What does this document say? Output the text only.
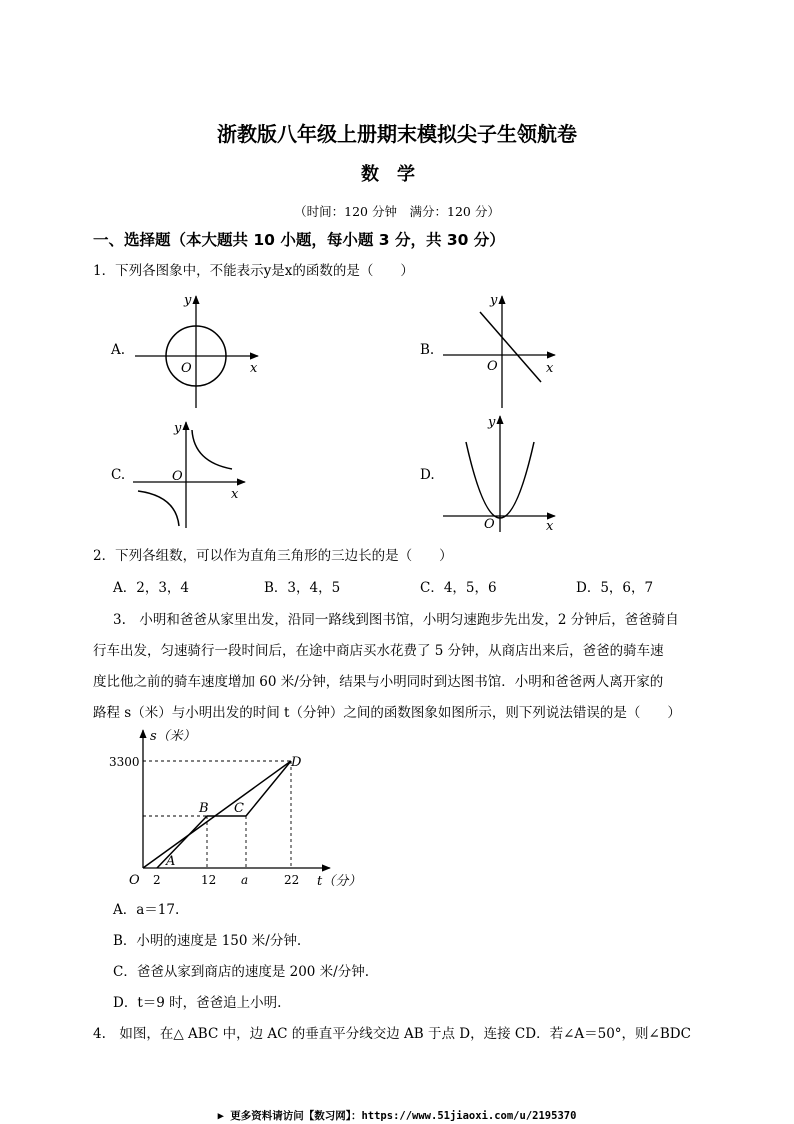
浙教版八年级上册期末模拟尖子生领航卷
数学
（时间：120 分钟　满分：120 分）
一、选择题（本大题共 10 小题，每小题 3 分，共 30 分）
1．下列各图象中，不能表示y是x的函数的是（　　）
A.
x
y
O
B.
x
y
O
C.
x
y
O	D.
x
y
O
2．下列各组数，可以作为直角三角形的三边长的是（　　）
A．2，3，4	B．3，4，5	C．4，5，6	D．5，6，7
3.　小明和爸爸从家里出发，沿同一路线到图书馆，小明匀速跑步先出发，2 分钟后，爸爸骑自
行车出发，匀速骑行一段时间后，在途中商店买水花费了 5 分钟，从商店出来后，爸爸的骑车速
度比他之前的骑车速度增加 60 米/分钟，结果与小明同时到达图书馆．小明和爸爸两人离开家的
路程 s（米）与小明出发的时间 t（分钟）之间的函数图象如图所示，则下列说法错误的是（　　）
s（米）
t（分）
3300
O 2	12 a	22
A
B C
D
A．a＝17.
B．小明的速度是 150 米/分钟.
C．爸爸从家到商店的速度是 200 米/分钟.
D．t＝9 时，爸爸追上小明.
4.　如图，在△ ABC 中，边 AC 的垂直平分线交边 AB 于点 D，连接 CD．若∠A＝50°，则∠BDC
▶ 更多资料请访问【数习网】：https://www.51jiaoxi.com/u/2195370
